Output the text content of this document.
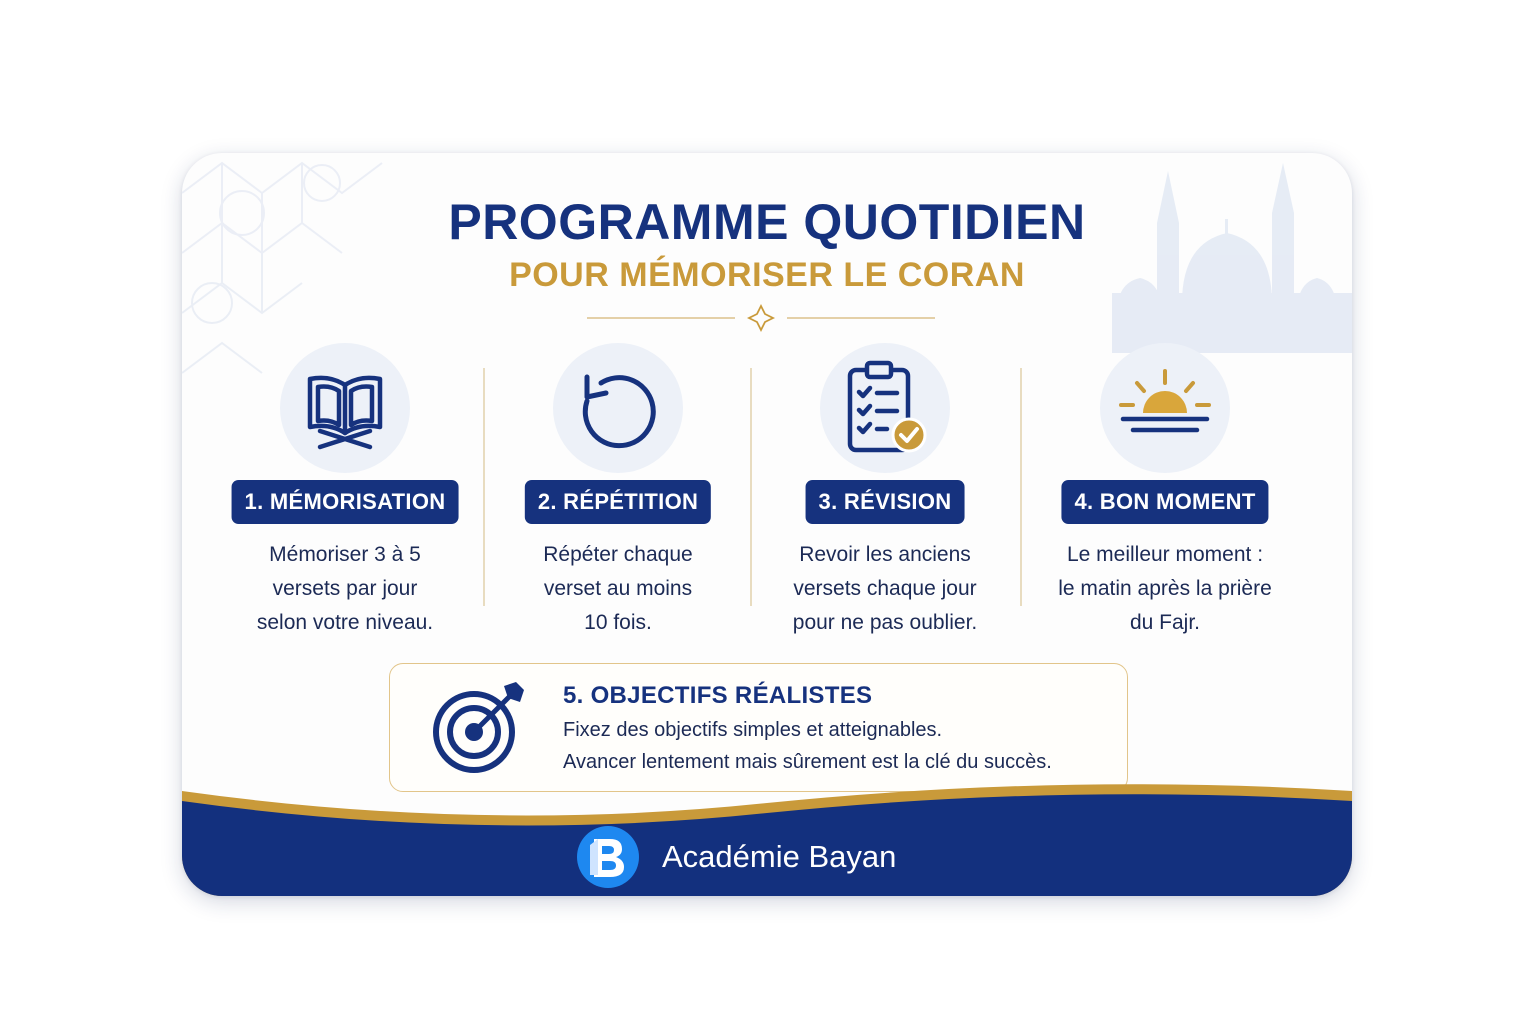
PROGRAMME QUOTIDIEN
POUR MÉMORISER LE CORAN
1. MÉMORISATION
Mémoriser 3 à 5
versets par jour
selon votre niveau.
2. RÉPÉTITION
Répéter chaque
verset au moins
10 fois.
3. RÉVISION
Revoir les anciens
versets chaque jour
pour ne pas oublier.
4. BON MOMENT
Le meilleur moment :
le matin après la prière
du Fajr.
5. OBJECTIFS RÉALISTES
Fixez des objectifs simples et atteignables.
Avancer lentement mais sûrement est la clé du succès.
Académie Bayan
